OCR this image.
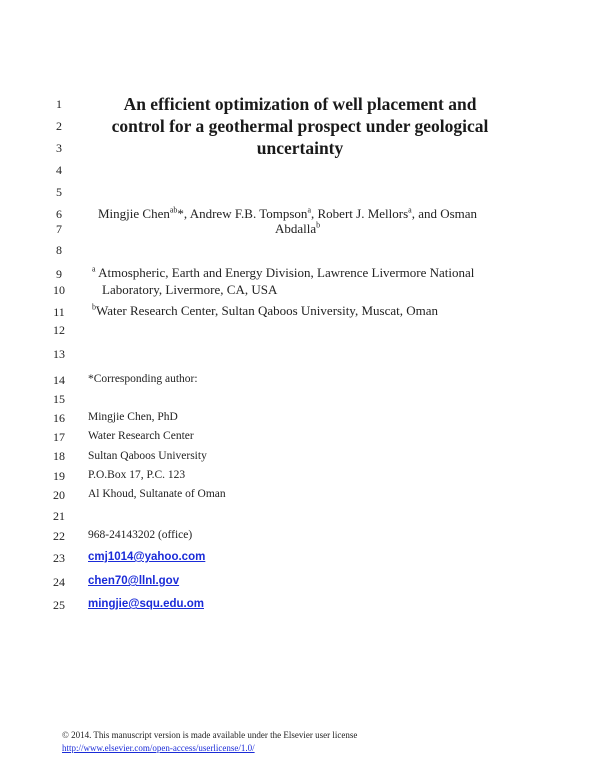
1
2
3
4
5
6
7
8
9
10
11
12
13
14
15
16
17
18
19
20
21
22
23
24
25
An efficient optimization of well placement and
control for a geothermal prospect under geological
uncertainty
Mingjie Chen$^{ab}$*, Andrew F.B. Tompson$^a$, Robert J. Mellors$^a$, and Osman
Abdalla$^b$
$^a$ Atmospheric, Earth and Energy Division, Lawrence Livermore National
Laboratory, Livermore, CA, USA
$^b$Water Research Center, Sultan Qaboos University, Muscat, Oman
*Corresponding author:
Mingjie Chen, PhD
Water Research Center
Sultan Qaboos University
P.O.Box 17, P.C. 123
Al Khoud, Sultanate of Oman
968-24143202 (office)
cmj1014@yahoo.com
chen70@llnl.gov
mingjie@squ.edu.om
© 2014. This manuscript version is made available under the Elsevier user license
http://www.elsevier.com/open-access/userlicense/1.0/
